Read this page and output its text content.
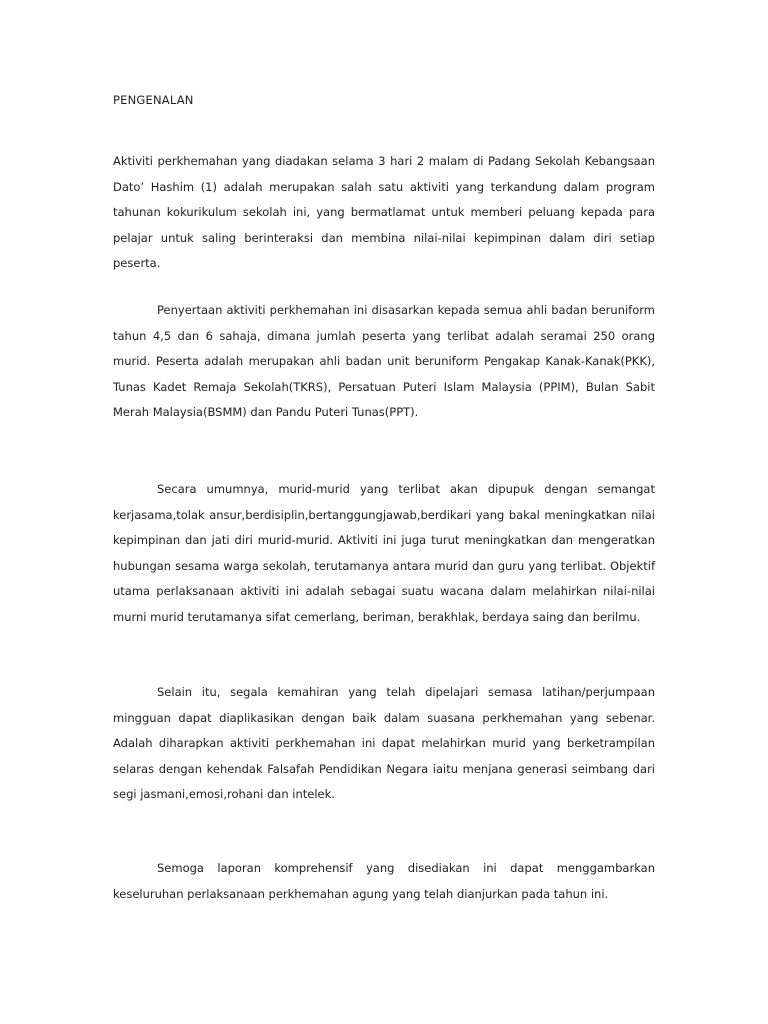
PENGENALAN

Aktiviti perkhemahan yang diadakan selama 3 hari 2 malam di Padang Sekolah Kebangsaan Dato’ Hashim (1) adalah merupakan salah satu aktiviti yang terkandung dalam program tahunan kokurikulum sekolah ini, yang bermatlamat untuk memberi peluang kepada para pelajar untuk saling berinteraksi dan membina nilai-nilai kepimpinan dalam diri setiap peserta.

Penyertaan aktiviti perkhemahan ini disasarkan kepada semua ahli badan beruniform tahun 4,5 dan 6 sahaja, dimana jumlah peserta yang terlibat adalah seramai 250 orang murid. Peserta adalah merupakan ahli badan unit beruniform Pengakap Kanak-Kanak(PKK), Tunas Kadet Remaja Sekolah(TKRS), Persatuan Puteri Islam Malaysia (PPIM), Bulan Sabit Merah Malaysia(BSMM) dan Pandu Puteri Tunas(PPT).

Secara umumnya, murid-murid yang terlibat akan dipupuk dengan semangat kerjasama,tolak ansur,berdisiplin,bertanggungjawab,berdikari yang bakal meningkatkan nilai kepimpinan dan jati diri murid-murid. Aktiviti ini juga turut meningkatkan dan mengeratkan hubungan sesama warga sekolah, terutamanya antara murid dan guru yang terlibat. Objektif utama perlaksanaan aktiviti ini adalah sebagai suatu wacana dalam melahirkan nilai-nilai murni murid terutamanya sifat cemerlang, beriman, berakhlak, berdaya saing dan berilmu.

Selain itu, segala kemahiran yang telah dipelajari semasa latihan/perjumpaan mingguan dapat diaplikasikan dengan baik dalam suasana perkhemahan yang sebenar. Adalah diharapkan aktiviti perkhemahan ini dapat melahirkan murid yang berketrampilan selaras dengan kehendak Falsafah Pendidikan Negara iaitu menjana generasi seimbang dari segi jasmani,emosi,rohani dan intelek.

Semoga laporan komprehensif yang disediakan ini dapat menggambarkan keseluruhan perlaksanaan perkhemahan agung yang telah dianjurkan pada tahun ini.
